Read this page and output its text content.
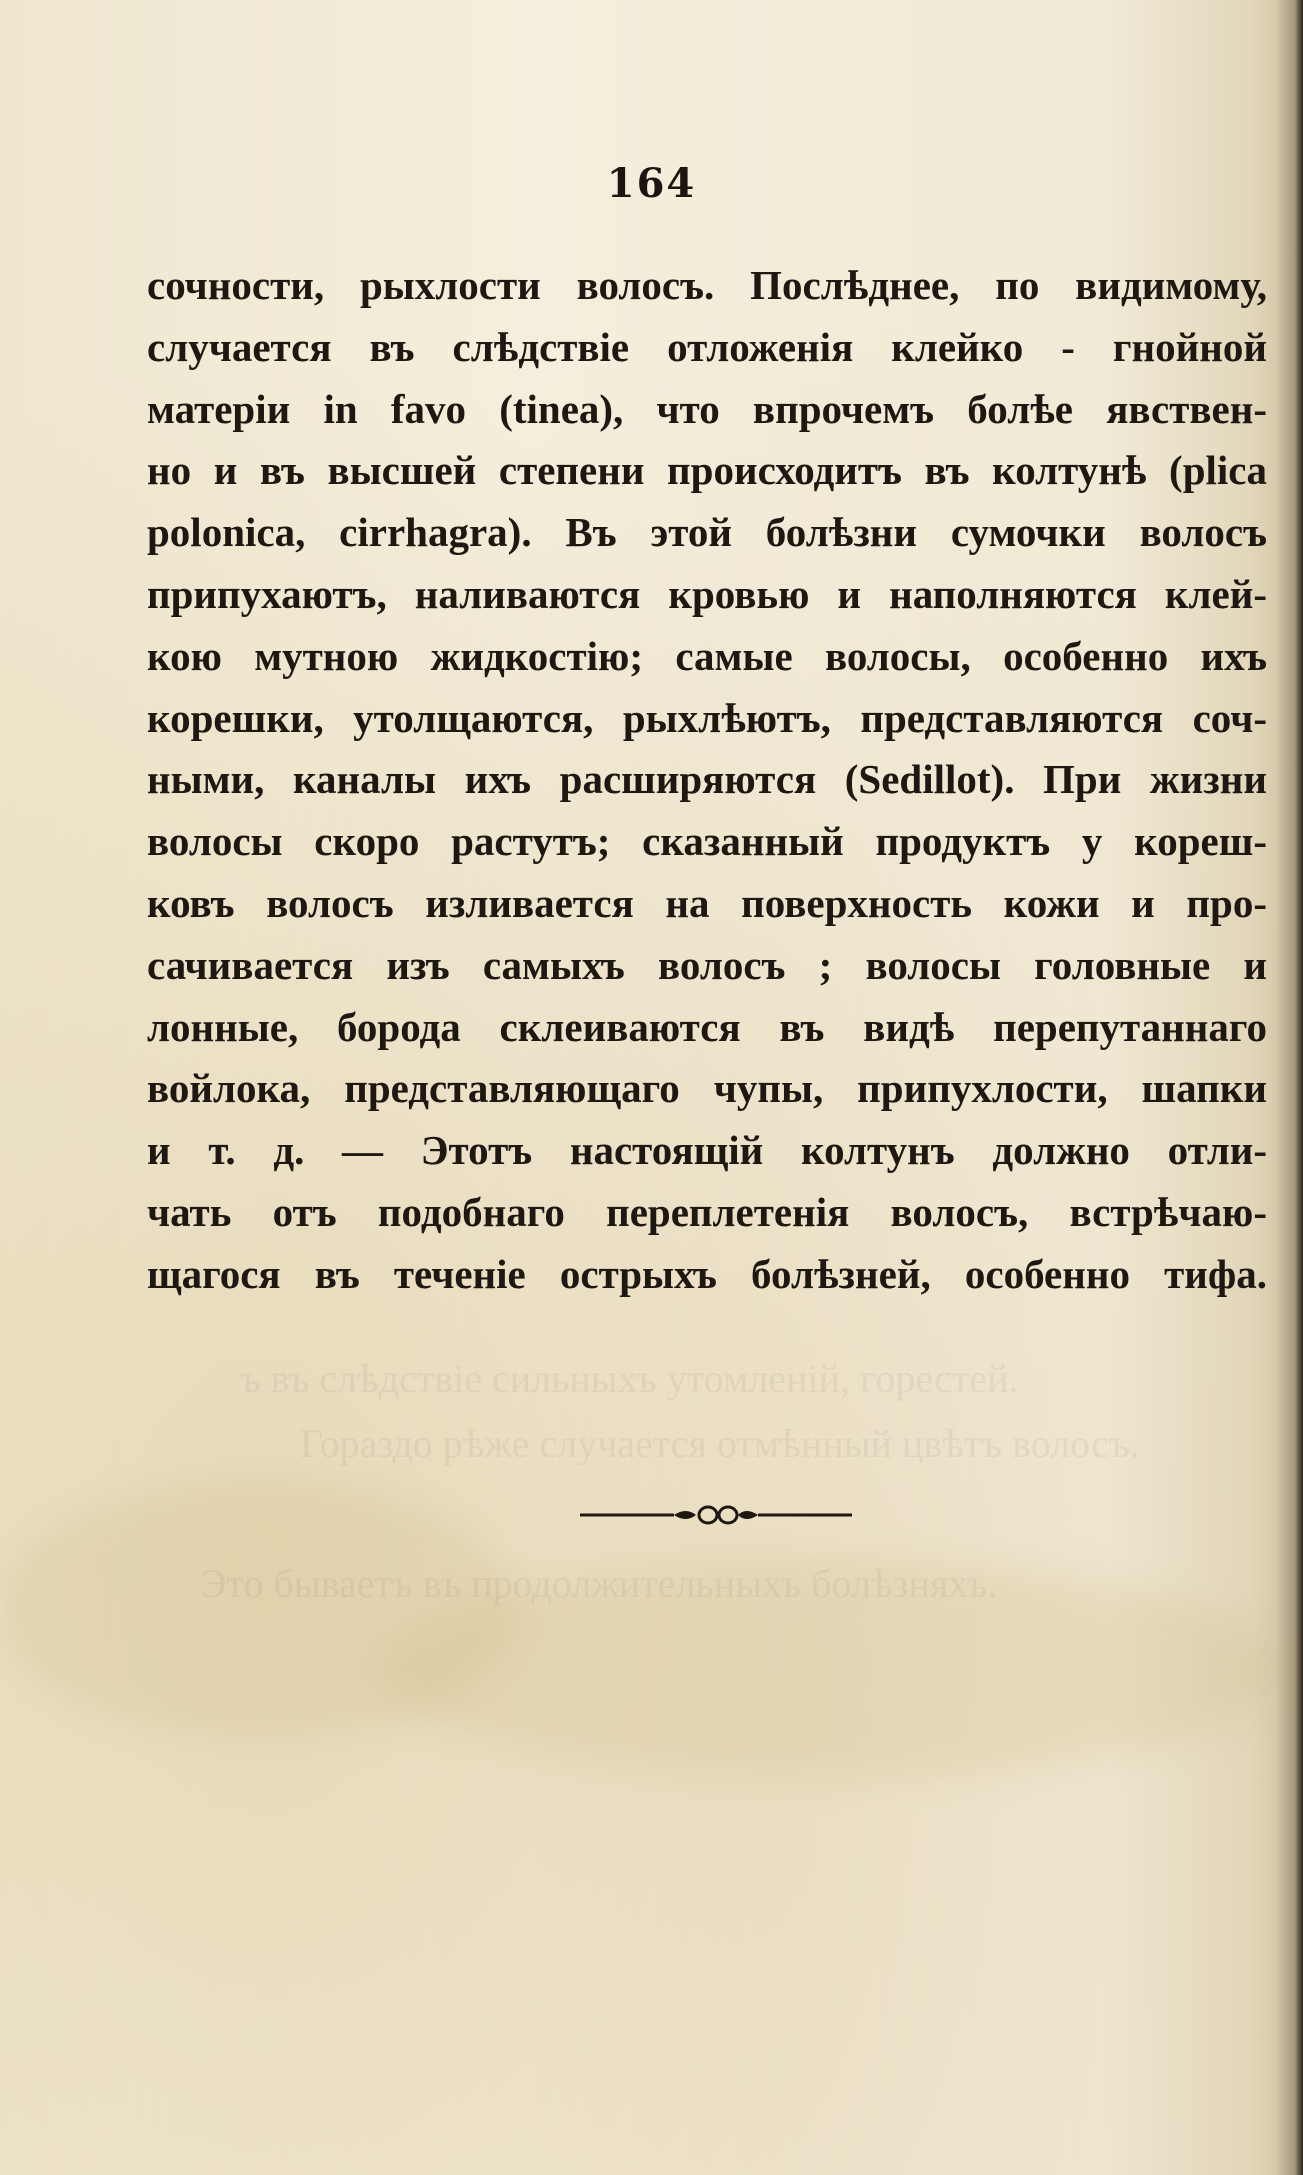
ъ въ слѣдствiе сильныхъ утомленiй, горестей.
Гораздо рѣже случается отмѣнный цвѣтъ волосъ.
Это бываетъ въ продолжительныхъ болѣзняхъ.
164
сочности, рыхлости волосъ. Послѣднее, по видимому,
случается въ слѣдствiе отложенiя клейко - гнойной
матерiи in favo (tinea), что впрочемъ болѣе явствен-
но и въ высшей степени происходитъ въ колтунѣ (plica
polonica, cirrhagra). Въ этой болѣзни сумочки волосъ
припухаютъ, наливаются кровью и наполняются клей-
кою мутною жидкостiю; самые волосы, особенно ихъ
корешки, утолщаются, рыхлѣютъ, представляются соч-
ными, каналы ихъ расширяются (Sedillot). При жизни
волосы скоро растутъ; сказанный продуктъ у кореш-
ковъ волосъ изливается на поверхность кожи и про-
сачивается изъ самыхъ волосъ ; волосы головные и
лонные, борода склеиваются въ видѣ перепутаннаго
войлока, представляющаго чупы, припухлости, шапки
и т. д. — Этотъ настоящiй колтунъ должно отли-
чать отъ подобнаго переплетенiя волосъ, встрѣчаю-
щагося въ теченiе острыхъ болѣзней, особенно тифа.
